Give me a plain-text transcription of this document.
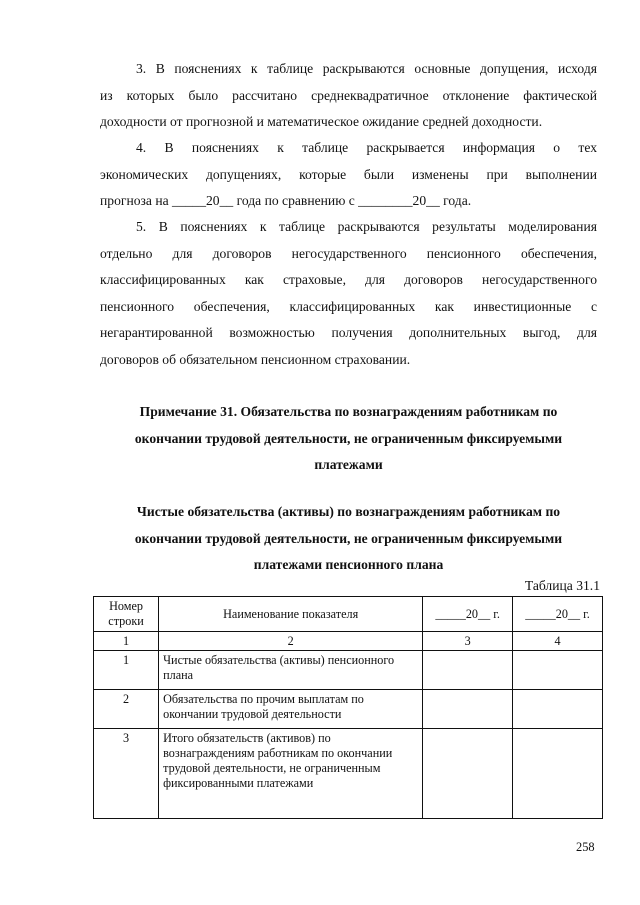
3. В пояснениях к таблице раскрываются основные допущения, исходя
из которых было рассчитано среднеквадратичное отклонение фактической
доходности от прогнозной и математическое ожидание средней доходности.
4. В пояснениях к таблице раскрывается информация о тех
экономических допущениях, которые были изменены при выполнении
прогноза на _____20__ года по сравнению с ________20__ года.
5. В пояснениях к таблице раскрываются результаты моделирования
отдельно для договоров негосударственного пенсионного обеспечения,
классифицированных как страховые, для договоров негосударственного
пенсионного обеспечения, классифицированных как инвестиционные с
негарантированной возможностью получения дополнительных выгод, для
договоров об обязательном пенсионном страховании.
Примечание 31. Обязательства по вознаграждениям работникам по
окончании трудовой деятельности, не ограниченным фиксируемыми
платежами
Чистые обязательства (активы) по вознаграждениям работникам по
окончании трудовой деятельности, не ограниченным фиксируемыми
платежами пенсионного плана
Таблица 31.1
Номер строки	Наименование показателя	_____20__ г.	_____20__ г.
1	2	3	4
1	Чистые обязательства (активы) пенсионного плана		
2	Обязательства по прочим выплатам по окончании трудовой деятельности		
3	Итого обязательств (активов) по вознаграждениям работникам по окончании трудовой деятельности, не ограниченным фиксированными платежами		
258
